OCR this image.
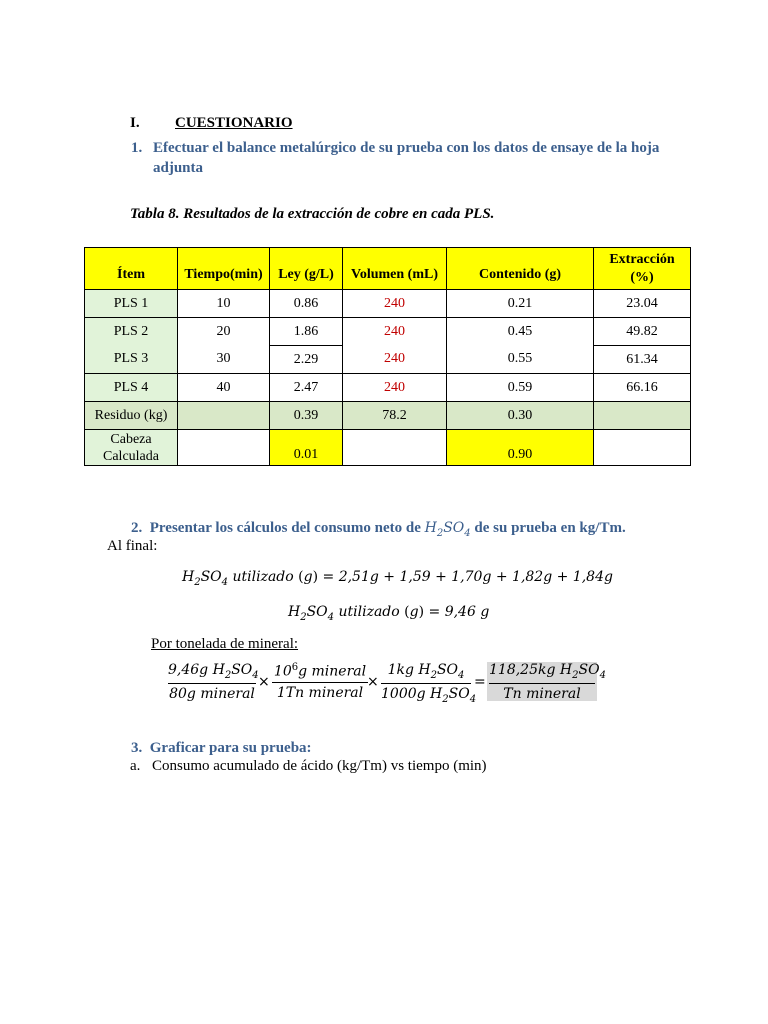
I. CUESTIONARIO
1. Efectuar el balance metalúrgico de su prueba con los datos de ensaye de la hoja
adjunta
Tabla 8. Resultados de la extracción de cobre en cada PLS.
Ítem	Tiempo(min)	Ley (g/L)	Volumen (mL)	Contenido (g)	Extracción
(%)
PLS 1	10	0.86	240	0.21	23.04
PLS 2	20	1.86	240	0.45	49.82
PLS 3	30	2.29	240	0.55	61.34
PLS 4	40	2.47	240	0.59	66.16
Residuo (kg)		0.39	78.2	0.30	
Cabeza
Calculada		0.01		0.90	
2. Presentar los cálculos del consumo neto de $H_2SO_4$ de su prueba en kg/Tm.
Al final:
$H_2SO_4$ utilizado (g) = 2,51g + 1,59 + 1,70g + 1,82g + 1,84g
$H_2SO_4$ utilizado (g) = 9,46 g
Por tonelada de mineral:
9,46g $H_2SO_4$
80g mineral
×
$10^6g$ mineral
1Tn mineral
×
1kg $H_2SO_4$
1000g $H_2SO_4$
=
118,25kg $H_2SO_4$
Tn mineral
3. Graficar para su prueba:
a. Consumo acumulado de ácido (kg/Tm) vs tiempo (min)
